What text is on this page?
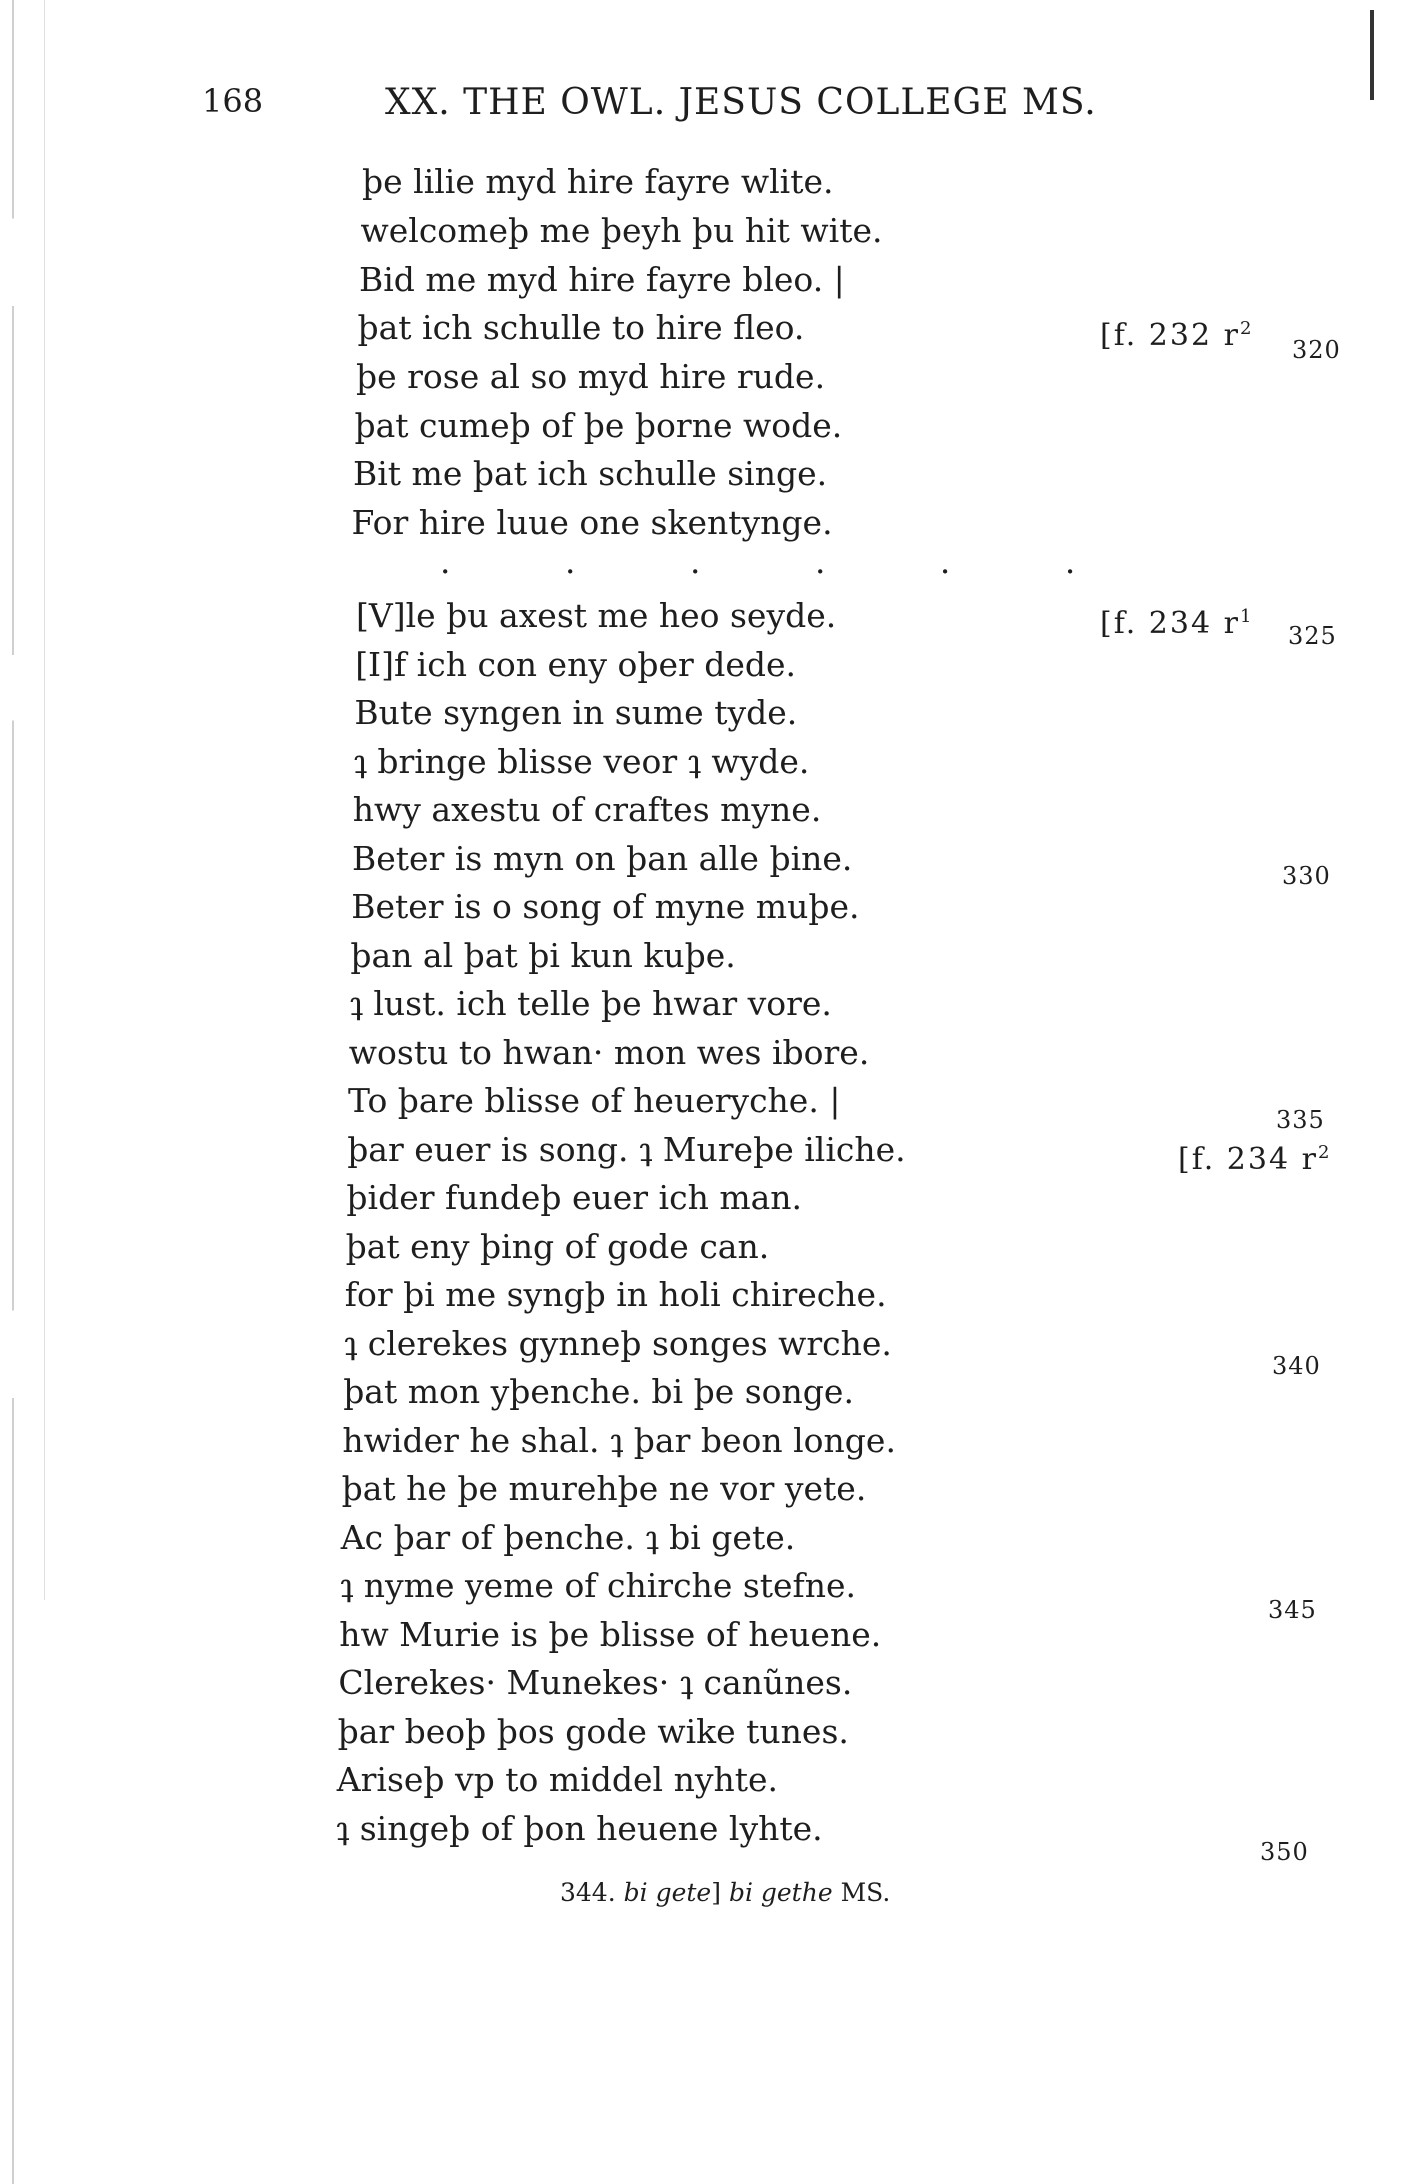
168	XX. THE OWL. JESUS COLLEGE MS.
þe lilie myd hire fayre wlite.
welcomeþ me þeyh þu hit wite.
Bid me myd hire fayre bleo. |
þat ich schulle to hire fleo.
þe rose al so myd hire rude.
þat cumeþ of þe þorne wode.
Bit me þat ich schulle singe.
For hire luue one skentynge.
[V]le þu axest me heo seyde.
[I]f ich con eny oþer dede.
Bute syngen in sume tyde.
ʇ bringe blisse veor ʇ wyde.
hwy axestu of craftes myne.
Beter is myn on þan alle þine.
Beter is o song of myne muþe.
þan al þat þi kun kuþe.
ʇ lust. ich telle þe hwar vore.
wostu to hwan· mon wes ibore.
To þare blisse of heueryche. |
þar euer is song. ʇ Mureþe iliche.
þider fundeþ euer ich man.
þat eny þing of gode can.
for þi me syngþ in holi chireche.
ʇ clerekes gynneþ songes wrche.
þat mon yþenche. bi þe songe.
hwider he shal. ʇ þar beon longe.
þat he þe murehþe ne vor yete.
Ac þar of þenche. ʇ bi gete.
ʇ nyme yeme of chirche stefne.
hw Murie is þe blisse of heuene.
Clerekes· Munekes· ʇ canũnes.
þar beoþ þos gode wike tunes.
Ariseþ vp to middel nyhte.
ʇ singeþ of þon heuene lyhte.
· · · · · ·
[f. 232 $r^2$
[f. 234 $r^1$
[f. 234 $r^2$
320
325
330
335
340
345
350
344. bi gete] bi gethe MS.
